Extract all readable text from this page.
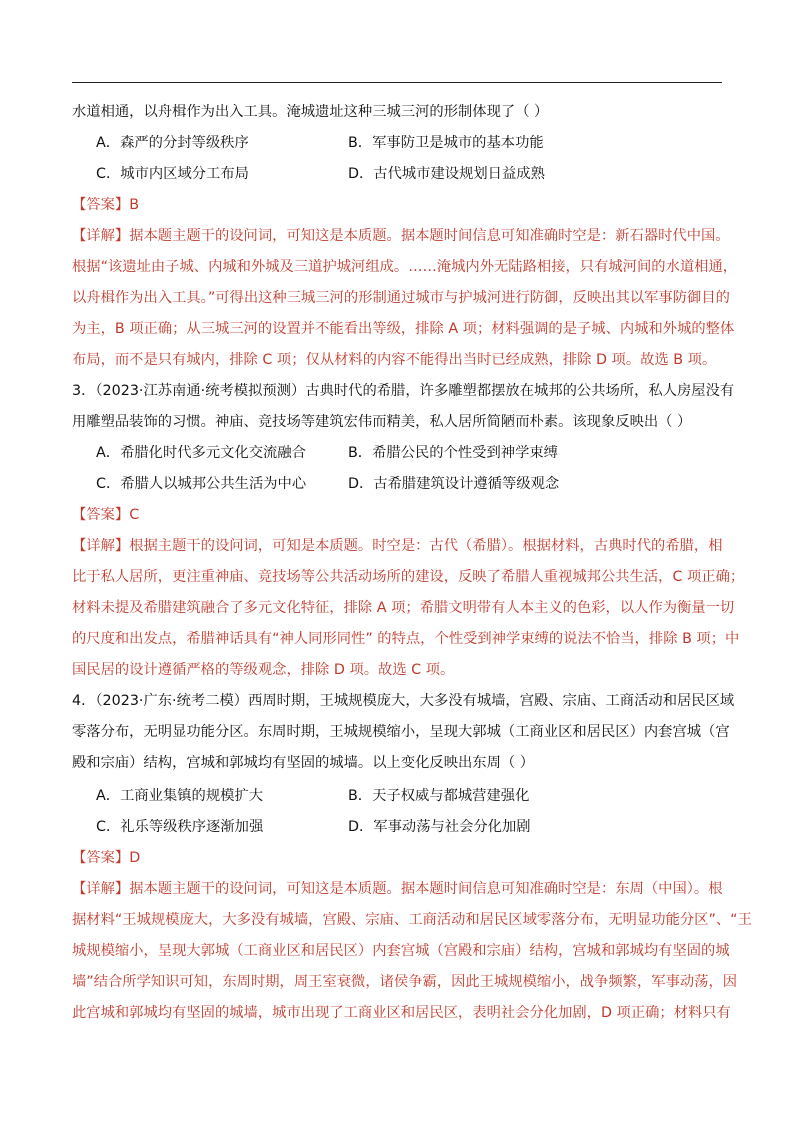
水道相通，以舟楫作为出入工具。淹城遗址这种三城三河的形制体现了（ ）
A．森严的分封等级秩序	B．军事防卫是城市的基本功能
C．城市内区域分工布局	D．古代城市建设规划日益成熟
【答案】B
【详解】据本题主题干的设问词，可知这是本质题。据本题时间信息可知准确时空是：新石器时代中国。
根据“该遗址由子城、内城和外城及三道护城河组成。……淹城内外无陆路相接，只有城河间的水道相通，
以舟楫作为出入工具。”可得出这种三城三河的形制通过城市与护城河进行防御，反映出其以军事防御目的
为主，B 项正确；从三城三河的设置并不能看出等级，排除 A 项；材料强调的是子城、内城和外城的整体
布局，而不是只有城内，排除 C 项；仅从材料的内容不能得出当时已经成熟，排除 D 项。故选 B 项。
3．（2023·江苏南通·统考模拟预测）古典时代的希腊，许多雕塑都摆放在城邦的公共场所，私人房屋没有
用雕塑品装饰的习惯。神庙、竞技场等建筑宏伟而精美，私人居所简陋而朴素。该现象反映出（ ）
A．希腊化时代多元文化交流融合	B．希腊公民的个性受到神学束缚
C．希腊人以城邦公共生活为中心	D．古希腊建筑设计遵循等级观念
【答案】C
【详解】根据主题干的设问词，可知是本质题。时空是：古代（希腊）。根据材料，古典时代的希腊，相
比于私人居所，更注重神庙、竞技场等公共活动场所的建设，反映了希腊人重视城邦公共生活，C 项正确；
材料未提及希腊建筑融合了多元文化特征，排除 A 项；希腊文明带有人本主义的色彩，以人作为衡量一切
的尺度和出发点，希腊神话具有“神人同形同性” 的特点，个性受到神学束缚的说法不恰当，排除 B 项；中
国民居的设计遵循严格的等级观念，排除 D 项。故选 C 项。
4．（2023·广东·统考二模）西周时期，王城规模庞大，大多没有城墙，宫殿、宗庙、工商活动和居民区域
零落分布，无明显功能分区。东周时期，王城规模缩小，呈现大郭城（工商业区和居民区）内套宫城（宫
殿和宗庙）结构，宫城和郭城均有坚固的城墙。以上变化反映出东周（ ）
A．工商业集镇的规模扩大	B．天子权威与都城营建强化
C．礼乐等级秩序逐渐加强	D．军事动荡与社会分化加剧
【答案】D
【详解】据本题主题干的设问词，可知这是本质题。据本题时间信息可知准确时空是：东周（中国）。根
据材料“王城规模庞大，大多没有城墙，宫殿、宗庙、工商活动和居民区域零落分布，无明显功能分区”、“王
城规模缩小，呈现大郭城（工商业区和居民区）内套宫城（宫殿和宗庙）结构，宫城和郭城均有坚固的城
墙”结合所学知识可知，东周时期，周王室衰微，诸侯争霸，因此王城规模缩小，战争频繁，军事动荡，因
此宫城和郭城均有坚固的城墙，城市出现了工商业区和居民区，表明社会分化加剧，D 项正确；材料只有
